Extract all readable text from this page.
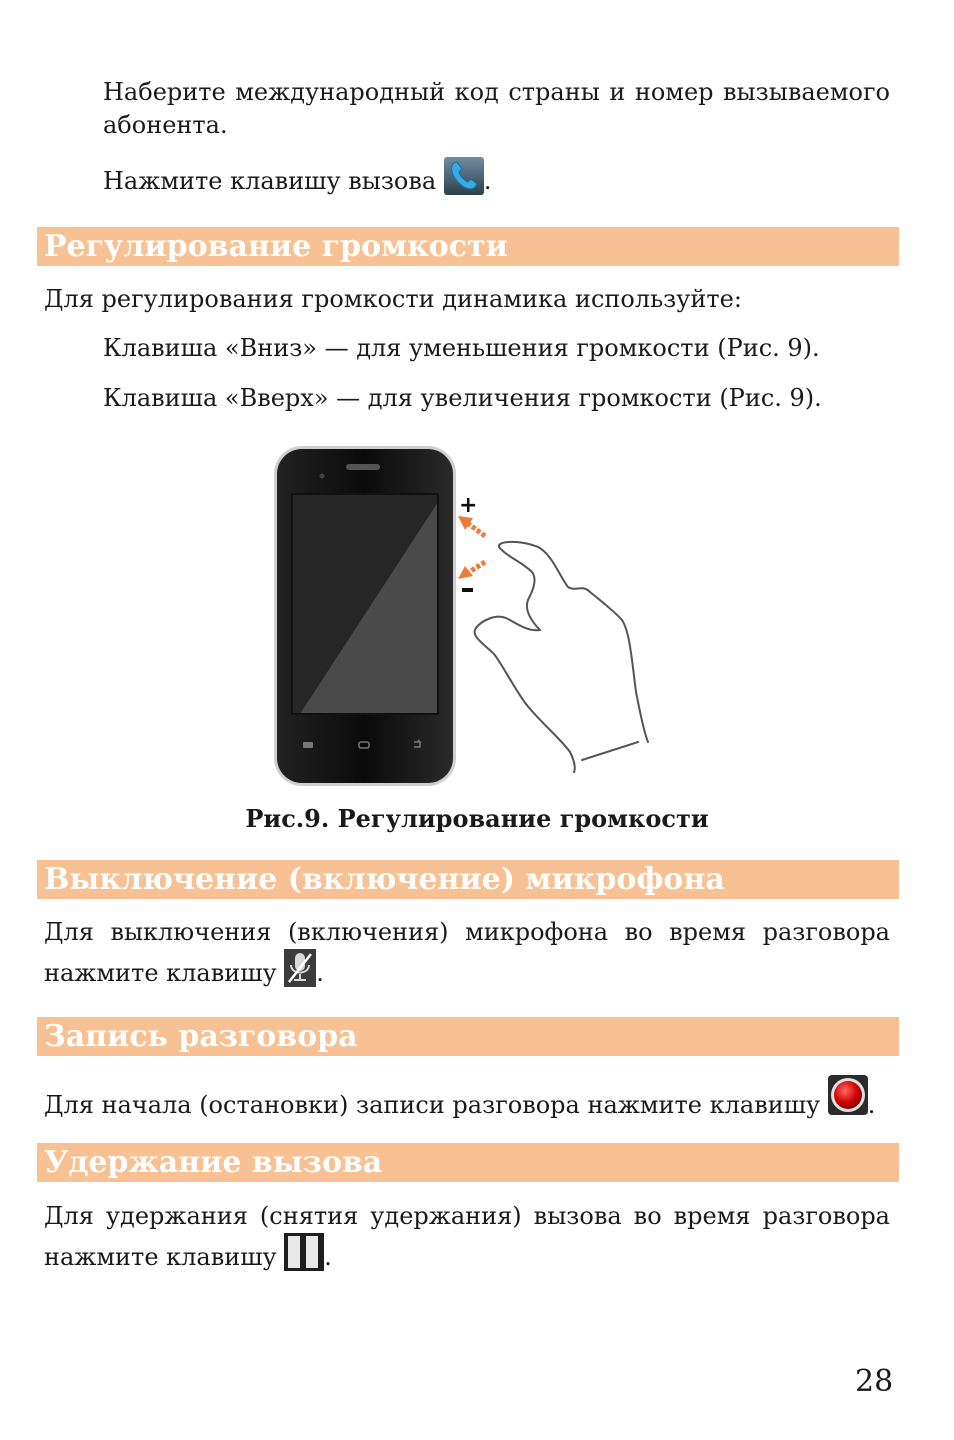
Наберите международный код страны и номер вызываемого
абонента.
Нажмите клавишу вызова .
Регулирование громкости
Для регулирования громкости динамика используйте:
Клавиша «Вниз» — для уменьшения громкости (Рис. 9).
Клавиша «Вверх» — для увеличения громкости (Рис. 9).
+
Рис.9. Регулирование громкости
Выключение (включение) микрофона
Для выключения (включения) микрофона во время разговора
нажмите клавишу .
Запись разговора
Для начала (остановки) записи разговора нажмите клавишу .
Удержание вызова
Для удержания (снятия удержания) вызова во время разговора
нажмите клавишу .
28
